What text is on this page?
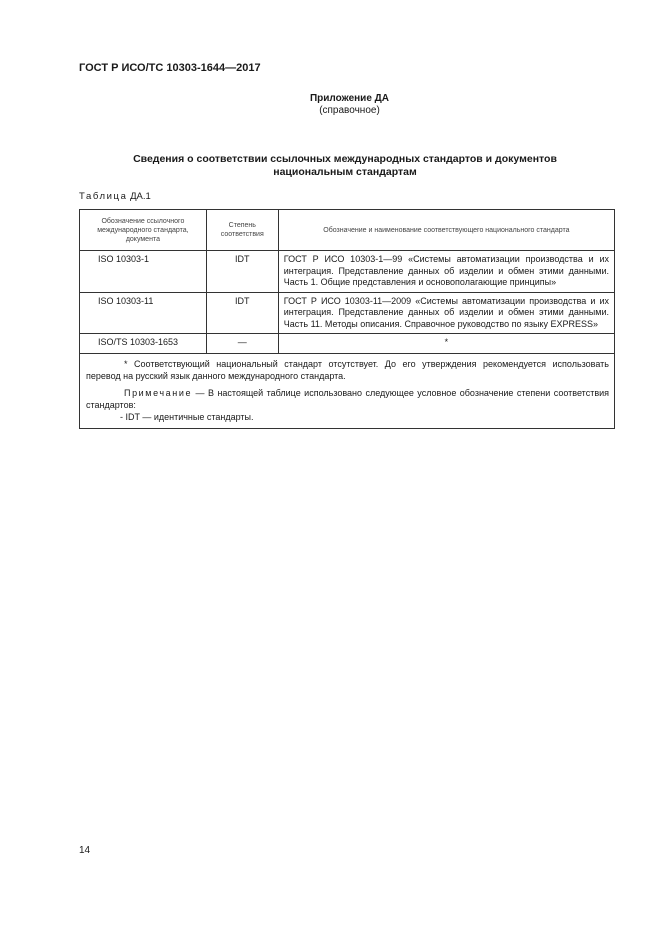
ГОСТ Р ИСО/ТС 10303-1644—2017
Приложение ДА
(справочное)
Сведения о соответствии ссылочных международных стандартов и документов
национальным стандартам
Таблица ДА.1
Обозначение ссылочного международного стандарта, документа	Степень соответствия	Обозначение и наименование соответствующего национального стандарта
ISO 10303-1	IDT	ГОСТ Р ИСО 10303-1—99 «Системы автоматизации производства и их интеграция. Представление данных об изделии и обмен этими данными. Часть 1. Общие представления и основополагающие принципы»
ISO 10303-11	IDT	ГОСТ Р ИСО 10303-11—2009 «Системы автоматизации производства и их интеграция. Представление данных об изделии и обмен этими данными. Часть 11. Методы описания. Справочное руководство по языку EXPRESS»
ISO/TS 10303-1653	—	*

* Соответствующий национальный стандарт отсутствует. До его утверждения рекомендуется использовать перевод на русский язык данного международного стандарта.

Примечание — В настоящей таблице использовано следующее условное обозначение степени соответствия стандартов:

- IDT — идентичные стандарты.		

14
